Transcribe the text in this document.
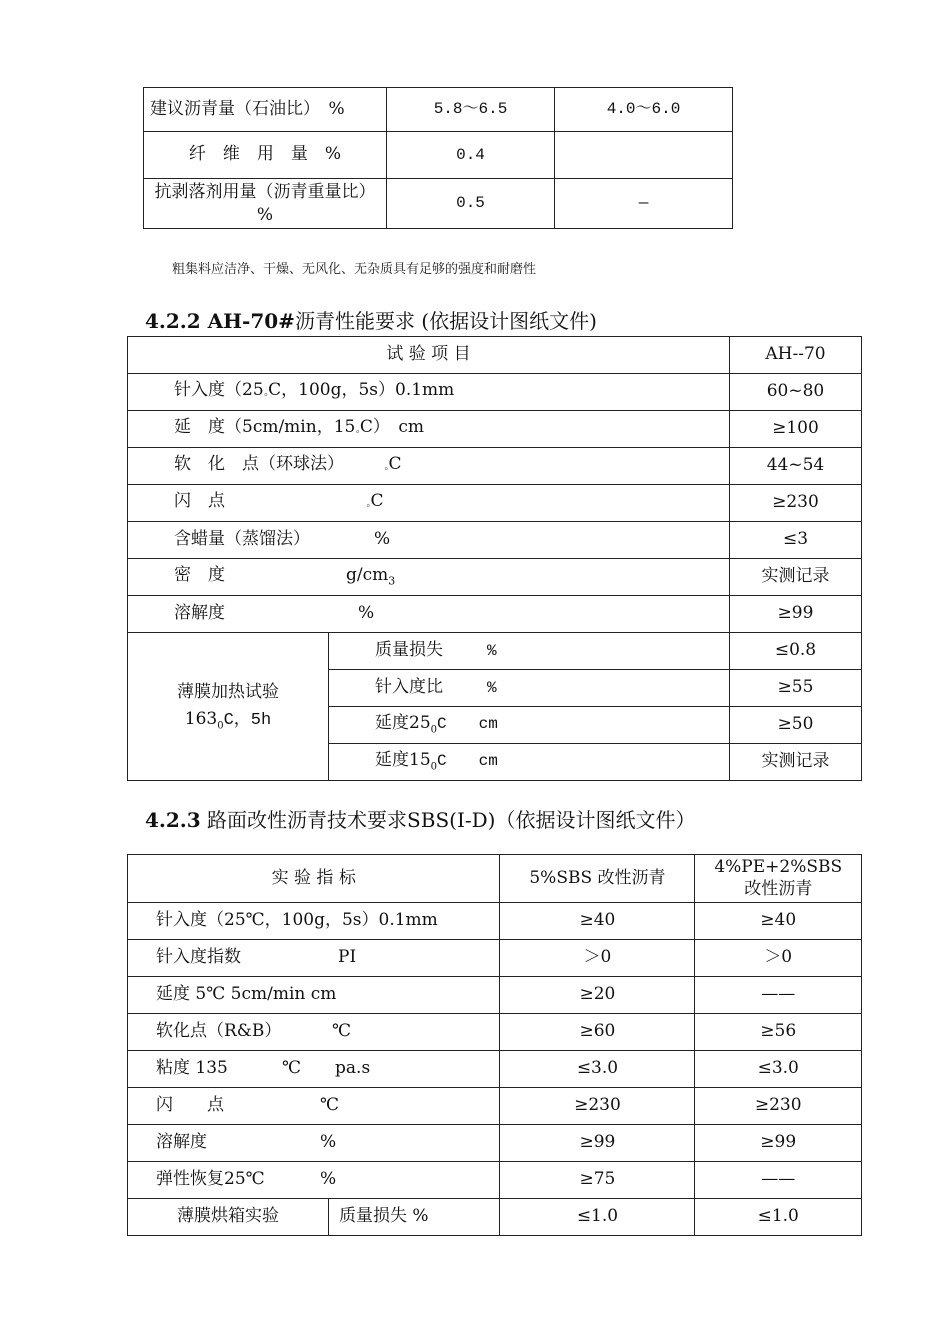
建议沥青量（石油比）　%	5.8～6.5	4.0～6.0
纤　维　用　量　%	0.4	
抗剥落剂用量（沥青重量比）%	0.5	—
粗集料应洁净、干燥、无风化、无杂质具有足够的强度和耐磨性
4.2.2 AH-70#沥青性能要求 (依据设计图纸文件)
试 验 项 目		AH--70
针入度（$25^\circ C$，100g，5s）0.1mm		60~80
延　度（5cm/min，$15^\circ C$）　cm		≥100
软　化　点（环球法） $^\circ$C		44~54
闪　点 $^\circ$C		≥230
含蜡量（蒸馏法） %		≤3
密　度 $g/cm_3$		实测记录
溶解度 %		≥99

薄膜加热试验
$163_0C$，5h	质量损失 %	≤0.8
	针入度比 %	≥55
	延度$25_0C$　　cm	≥50
	延度$15_0C$　　cm	实测记录
4.2.3 路面改性沥青技术要求SBS(I-D)（依据设计图纸文件）
实 验 指 标		5%SBS 改性沥青	4%PE+2%SBS
改性沥青

针入度（25℃，100g，5s）0.1mm		≥40	≥40
针入度指数 PI		＞0	＞0
延度 5℃ 5cm/min cm		≥20	——
软化点（R&B） ℃		≥60	≥56
粘度 135 ℃　　pa.s		≤3.0	≤3.0
闪　　点 ℃		≥230	≥230
溶解度 %		≥99	≥99
弹性恢复25℃ %		≥75	——
薄膜烘箱实验	质量损失 %	≤1.0	≤1.0
